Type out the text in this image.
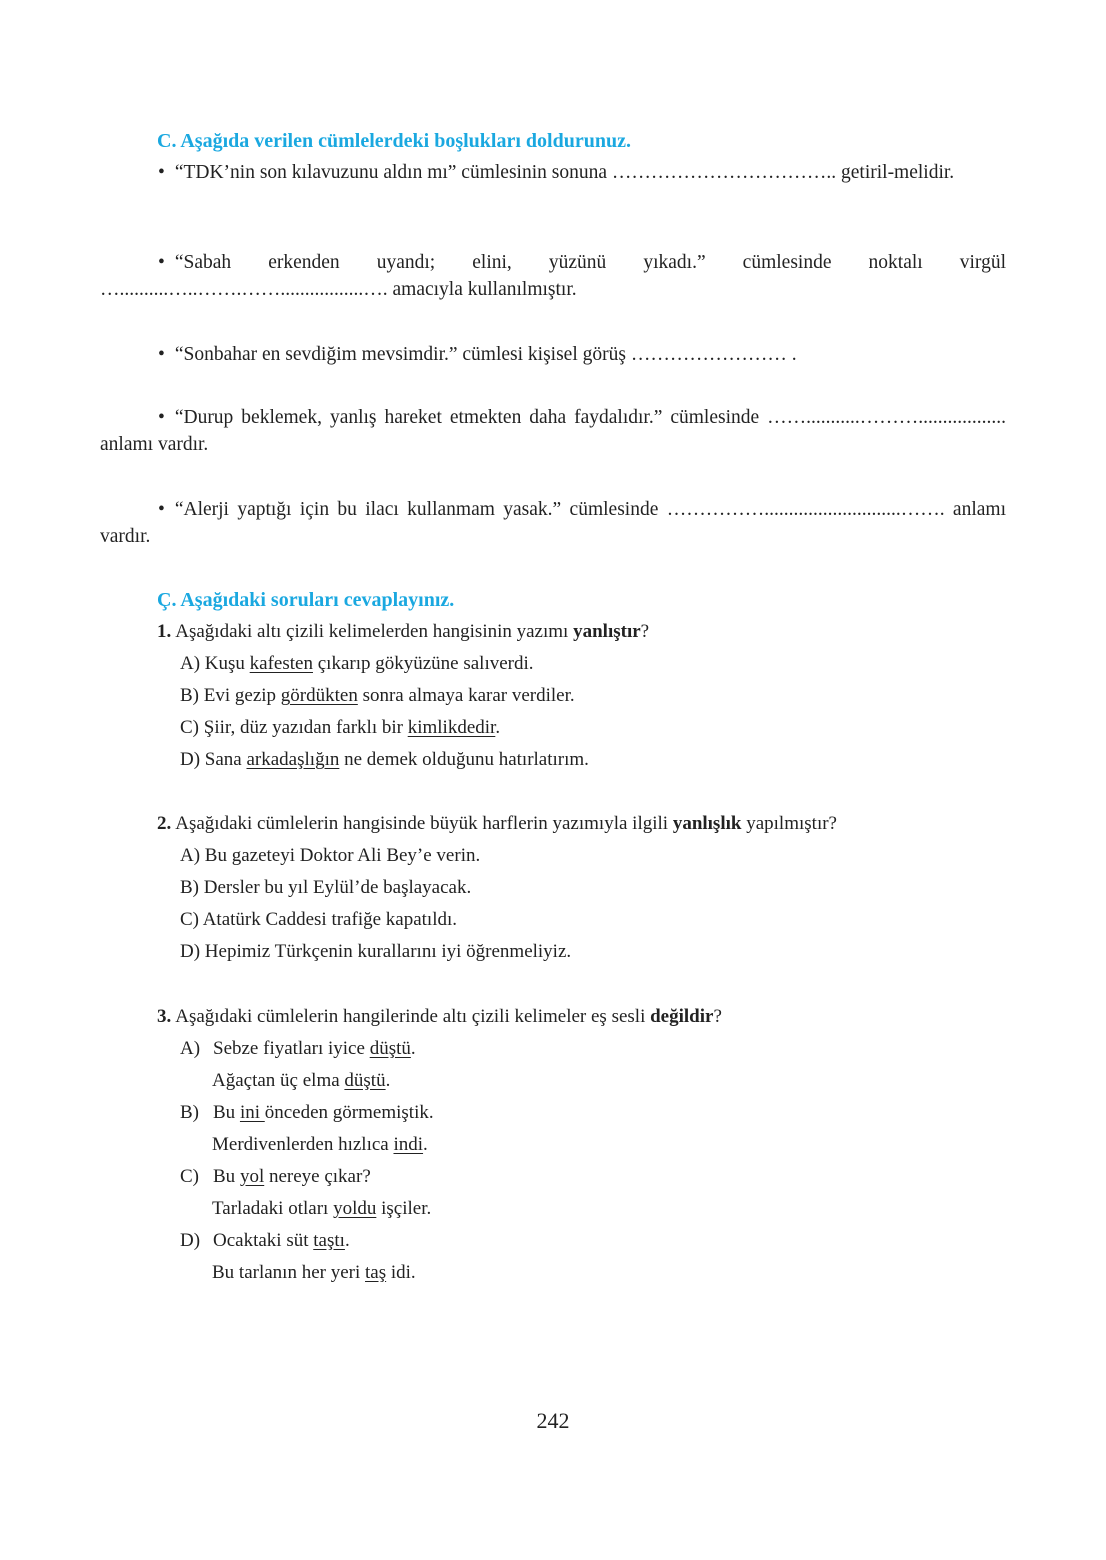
C. Aşağıda verilen cümlelerdeki boşlukları doldurunuz.
• “TDK’nin son kılavuzunu aldın mı” cümlesinin sonuna …………………………….. getiril-melidir.
• “Sabah erkenden uyandı; elini, yüzünü yıkadı.” cümlesinde noktalı virgül …..........…..…….…….................…. amacıyla kullanılmıştır.
• “Sonbahar en sevdiğim mevsimdir.” cümlesi kişisel görüş …………………… .
• “Durup beklemek, yanlış hareket etmekten daha faydalıdır.” cümlesinde ……...........……….................. anlamı vardır.
• “Alerji yaptığı için bu ilacı kullanmam yasak.” cümlesinde ……………............................……. anlamı vardır.
Ç. Aşağıdaki soruları cevaplayınız.
1. Aşağıdaki altı çizili kelimelerden hangisinin yazımı yanlıştır?
A) Kuşu kafesten çıkarıp gökyüzüne salıverdi.
B) Evi gezip gördükten sonra almaya karar verdiler.
C) Şiir, düz yazıdan farklı bir kimlikdedir.
D) Sana arkadaşlığın ne demek olduğunu hatırlatırım.
2. Aşağıdaki cümlelerin hangisinde büyük harflerin yazımıyla ilgili yanlışlık yapılmıştır?
A) Bu gazeteyi Doktor Ali Bey’e verin.
B) Dersler bu yıl Eylül’de başlayacak.
C) Atatürk Caddesi trafiğe kapatıldı.
D) Hepimiz Türkçenin kurallarını iyi öğrenmeliyiz.
3. Aşağıdaki cümlelerin hangilerinde altı çizili kelimeler eş sesli değildir?
A) Sebze fiyatları iyice düştü.
Ağaçtan üç elma düştü.
B) Bu ini önceden görmemiştik.
Merdivenlerden hızlıca indi.
C) Bu yol nereye çıkar?
Tarladaki otları yoldu işçiler.
D) Ocaktaki süt taştı.
Bu tarlanın her yeri taş idi.
242
